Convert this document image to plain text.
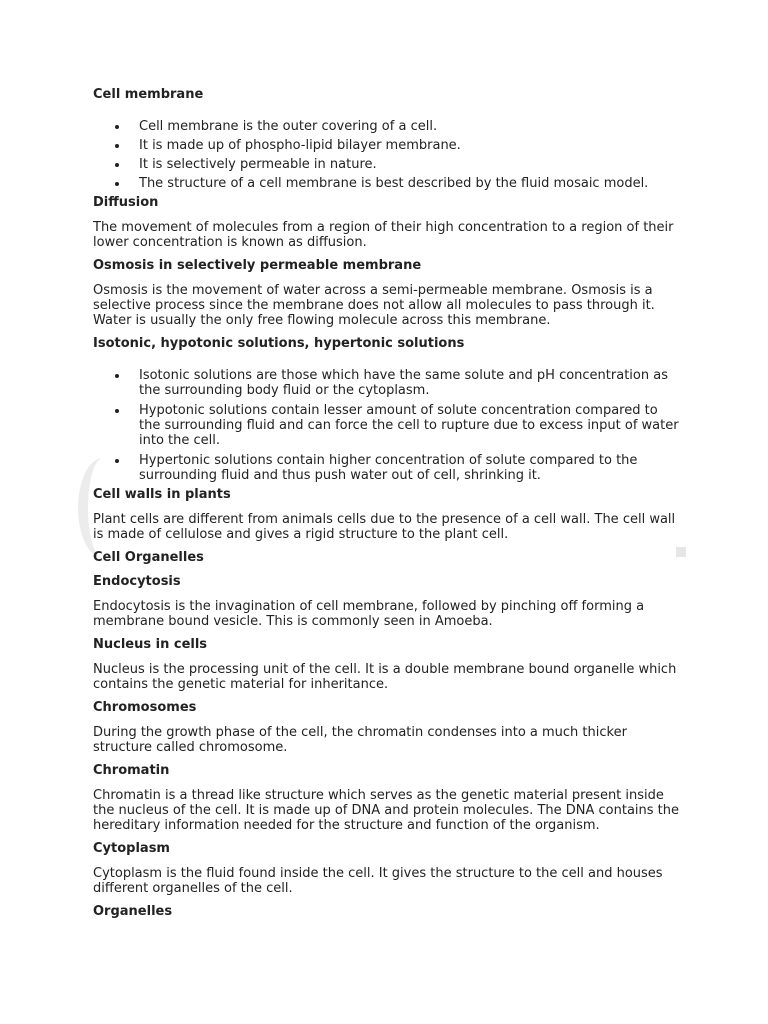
Cell membrane
Cell membrane is the outer covering of a cell.
It is made up of phospho-lipid bilayer membrane.
It is selectively permeable in nature.
The structure of a cell membrane is best described by the fluid mosaic model.
Diffusion

The movement of molecules from a region of their high concentration to a region of their lower concentration is known as diffusion.

Osmosis in selectively permeable membrane

Osmosis is the movement of water across a semi-permeable membrane. Osmosis is a selective process since the membrane does not allow all molecules to pass through it. Water is usually the only free flowing molecule across this membrane.

Isotonic, hypotonic solutions, hypertonic solutions
Isotonic solutions are those which have the same solute and pH concentration as the surrounding body fluid or the cytoplasm.
Hypotonic solutions contain lesser amount of solute concentration compared to the surrounding fluid and can force the cell to rupture due to excess input of water into the cell.
Hypertonic solutions contain higher concentration of solute compared to the surrounding fluid and thus push water out of cell, shrinking it.
Cell walls in plants

Plant cells are different from animals cells due to the presence of a cell wall. The cell wall is made of cellulose and gives a rigid structure to the plant cell.

Cell Organelles
Endocytosis

Endocytosis is the invagination of cell membrane, followed by pinching off forming a membrane bound vesicle. This is commonly seen in Amoeba.

Nucleus in cells

Nucleus is the processing unit of the cell. It is a double membrane bound organelle which contains the genetic material for inheritance.

Chromosomes

During the growth phase of the cell, the chromatin condenses into a much thicker structure called chromosome.

Chromatin

Chromatin is a thread like structure which serves as the genetic material present inside the nucleus of the cell. It is made up of DNA and protein molecules. The DNA contains the hereditary information needed for the structure and function of the organism.

Cytoplasm

Cytoplasm is the fluid found inside the cell. It gives the structure to the cell and houses different organelles of the cell.

Organelles
